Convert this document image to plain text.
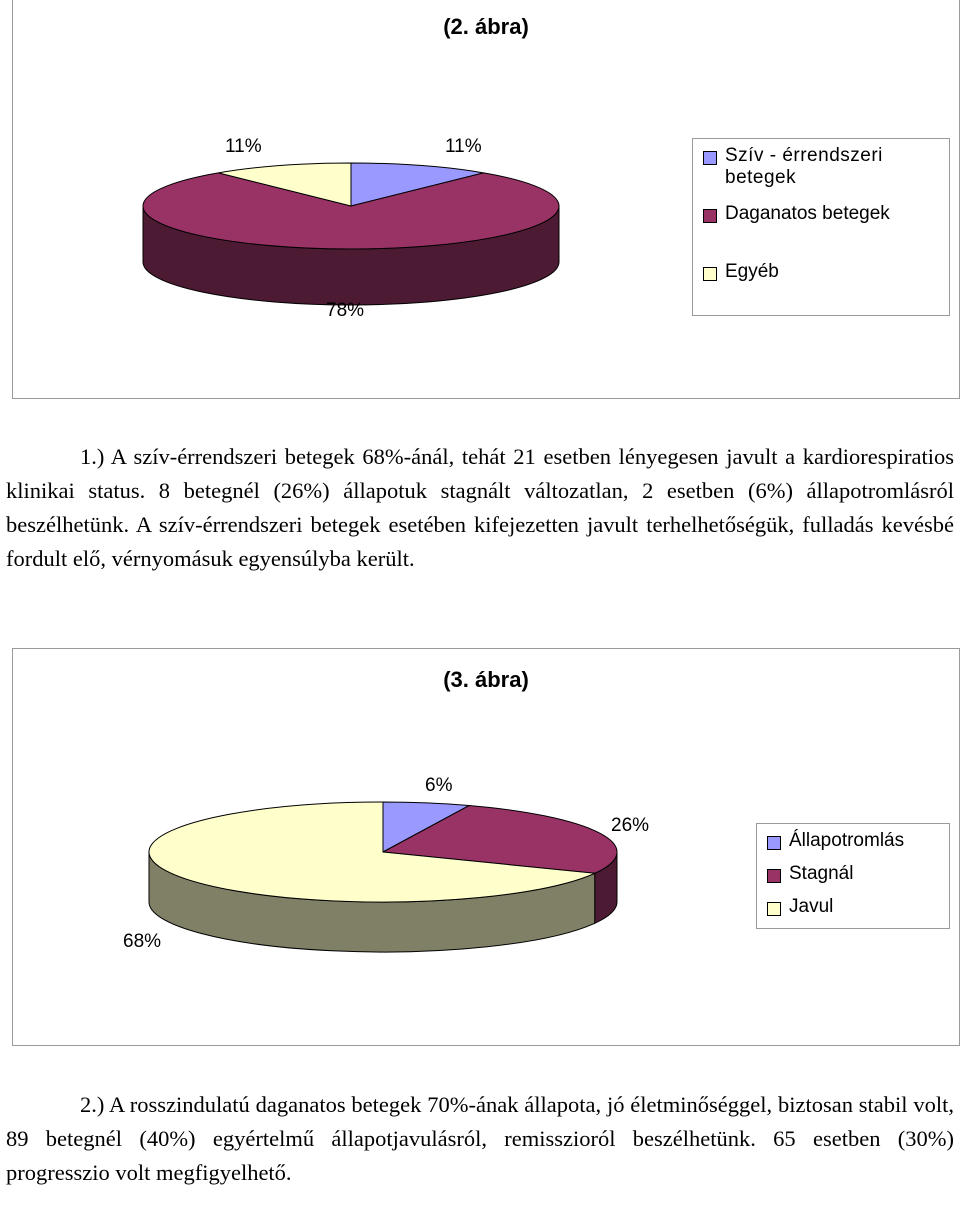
(2. ábra)
11%
78%
11%	Szív - érrendszeri betegek
Daganatos betegek
Egyéb

1.) A szív-érrendszeri betegek 68%-ánál, tehát 21 esetben lényegesen javult a kardiorespiratios klinikai status. 8 betegnél (26%) állapotuk stagnált változatlan, 2 esetben (6%) állapotromlásról beszélhetünk. A szív-érrendszeri betegek esetében kifejezetten javult terhelhetőségük, fulladás kevésbé fordult elő, vérnyomásuk egyensúlyba került.

(3. ábra)
6%
26%
68%
Állapotromlás
Stagnál
Javul

2.) A rosszindulatú daganatos betegek 70%-ának állapota, jó életminőséggel, biztosan stabil volt, 89 betegnél (40%) egyértelmű állapotjavulásról, remisszioról beszélhetünk. 65 esetben (30%) progresszio volt megfigyelhető.
